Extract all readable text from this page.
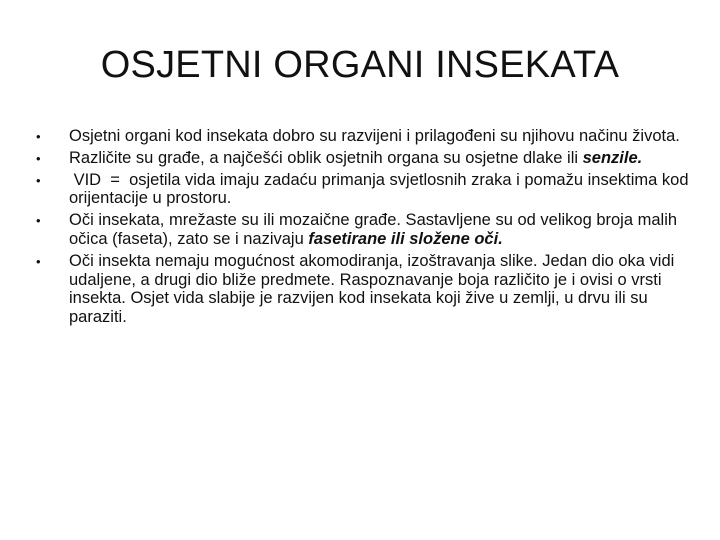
OSJETNI ORGANI INSEKATA
• Osjetni organi kod insekata dobro su razvijeni i prilagođeni su njihovu načinu života.
• Različite su građe, a najčešći oblik osjetnih organa su osjetne dlake ili senzile.
• VID  =  osjetila vida imaju zadaću primanja svjetlosnih zraka i pomažu insektima kod   orijentacije u prostoru.
• Oči insekata, mrežaste su ili mozaične građe. Sastavljene su od velikog broja malih očica (faseta), zato se i nazivaju fasetirane ili složene oči.
• Oči insekta nemaju mogućnost akomodiranja, izoštravanja slike. Jedan dio oka vidi udaljene, a drugi dio bliže predmete. Raspoznavanje boja različito je i ovisi o vrsti insekta. Osjet vida slabije je razvijen kod insekata koji žive u zemlji, u drvu ili su paraziti.
